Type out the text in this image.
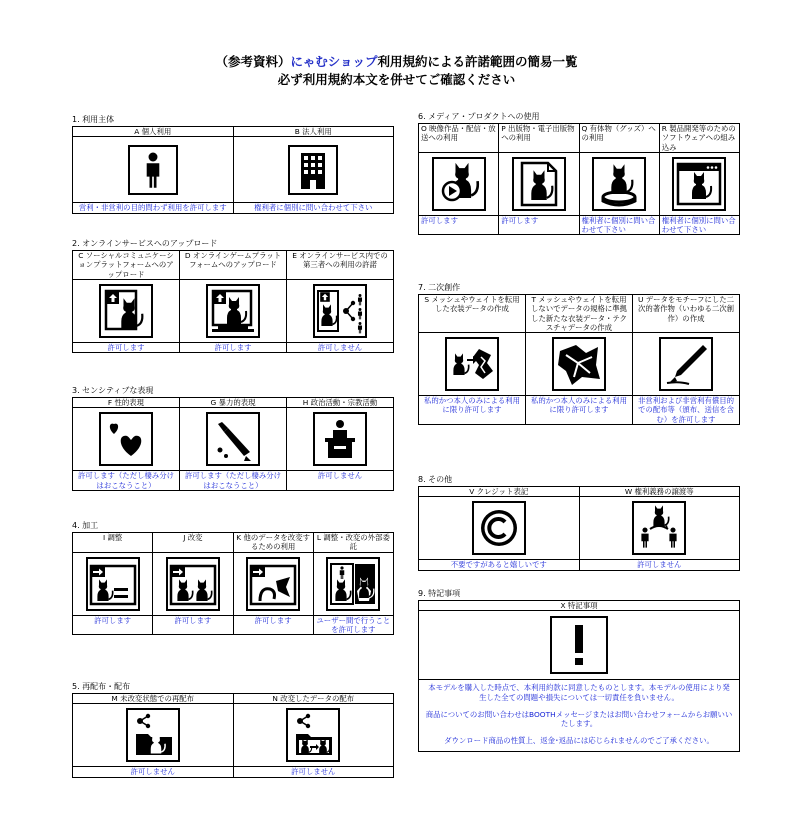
（参考資料）にゃむショップ利用規約による許諾範囲の簡易一覧
必ず利用規約本文を併せてご確認ください
1. 利用主体
A 個人利用	B 法人利用

営利・非営利の目的問わず利用を許可します	権利者に個別に問い合わせて下さい
2. オンラインサービスへのアップロード
C ソーシャルコミュニケーションプラットフォームへのアップロード	D オンラインゲームプラットフォームへのアップロード	E オンラインサービス内での第三者への利用の許諾

許可します	許可します	許可しません
3. センシティブな表現
F 性的表現	G 暴力的表現	H 政治活動・宗教活動

許可します（ただし棲み分けはおこなうこと）	許可します（ただし棲み分けはおこなうこと）	許可しません
4. 加工
I 調整	J 改変	K 他のデータを改変するための利用	L 調整・改変の外部委託

許可します	許可します	許可します	ユーザー間で行うことを許可します
5. 再配布・配布
M 未改変状態での再配布	N 改変したデータの配布

許可しません	許可しません
6. メディア・プロダクトへの使用
O 映像作品・配信・放送への利用	P 出版物・電子出版物への利用	Q 有体物（グッズ）への利用	R 製品開発等のためのソフトウェアへの組み込み

許可します	許可します	権利者に個別に問い合わせて下さい	権利者に個別に問い合わせて下さい
7. 二次創作
S メッシュやウェイトを転用した衣装データの作成	T メッシュやウェイトを転用しないでデータの規格に準拠した新たな衣装データ・テクスチャデータの作成	U データをモチーフにした二次的著作物（いわゆる二次創作）の作成

私的かつ本人のみによる利用に限り許可します	私的かつ本人のみによる利用に限り許可します	非営利および非営利有償目的での配布等（頒布、送信を含む）を許可します
8. その他
V クレジット表記	W 権利義務の譲渡等

不要ですがあると嬉しいです	許可しません
9. 特記事項
X 特記事項

本モデルを購入した時点で、本利用約款に同意したものとします。本モデルの使用により発生した全ての問題や損失については一切責任を負いません。

商品についてのお問い合わせはBOOTHメッセージまたはお問い合わせフォームからお願いいたします。

ダウンロード商品の性質上、返金･返品には応じられませんのでご了承ください。
